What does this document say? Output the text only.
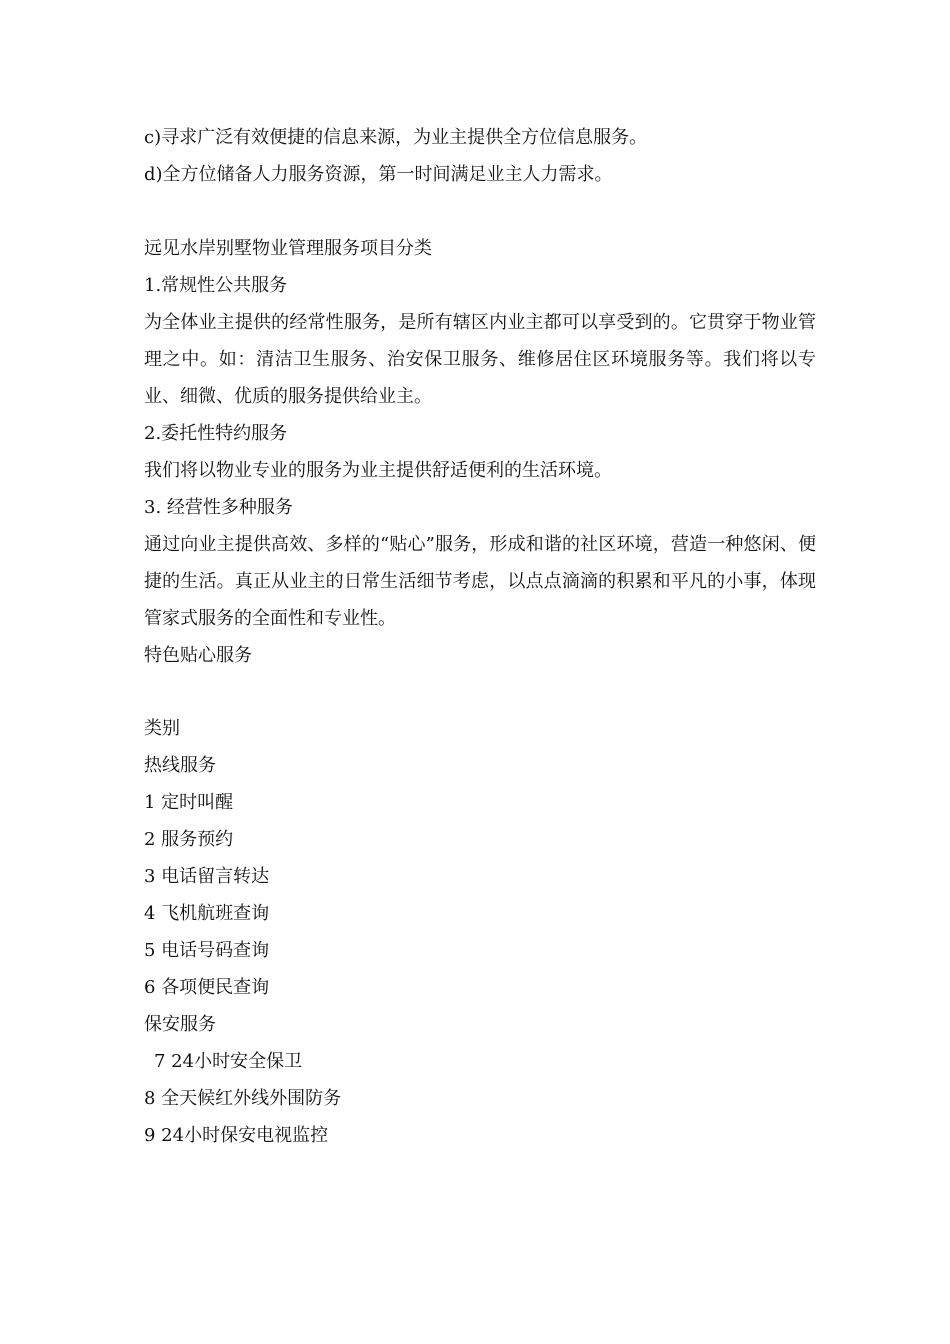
c)寻求广泛有效便捷的信息来源，为业主提供全方位信息服务。
d)全方位储备人力服务资源，第一时间满足业主人力需求。
远见水岸别墅物业管理服务项目分类
1.常规性公共服务

为全体业主提供的经常性服务，是所有辖区内业主都可以享受到的。它贯穿于物业管理之中。如：清洁卫生服务、治安保卫服务、维修居住区环境服务等。我们将以专业、细微、优质的服务提供给业主。

2.委托性特约服务

我们将以物业专业的服务为业主提供舒适便利的生活环境。

3. 经营性多种服务

通过向业主提供高效、多样的“贴心”服务，形成和谐的社区环境，营造一种悠闲、便捷的生活。真正从业主的日常生活细节考虑，以点点滴滴的积累和平凡的小事，体现管家式服务的全面性和专业性。

特色贴心服务
类别
热线服务
1 定时叫醒
2 服务预约
3 电话留言转达
4 飞机航班查询
5 电话号码查询
6 各项便民查询
保安服务
7 24小时安全保卫
8 全天候红外线外围防务
9 24小时保安电视监控
